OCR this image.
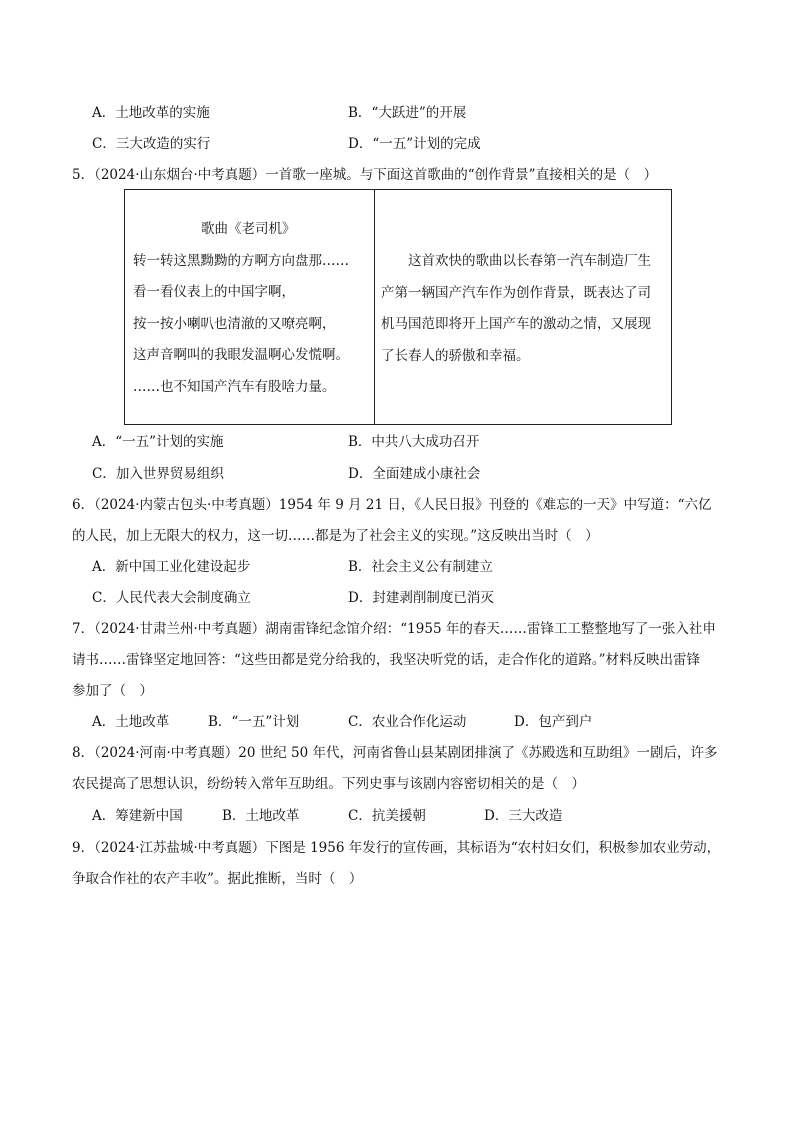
A．土地改革的实施	B．“大跃进”的开展
C．三大改造的实行	D．“一五”计划的完成
5．（2024·山东烟台·中考真题）一首歌一座城。与下面这首歌曲的“创作背景”直接相关的是（　）
歌曲《老司机》
转一转这黑黝黝的方啊方向盘那……
看一看仪表上的中国字啊，
按一按小喇叭也清澈的又嘹亮啊，
这声音啊叫的我眼发温啊心发慌啊。
……也不知国产汽车有股啥力量。
这首欢快的歌曲以长春第一汽车制造厂生产第一辆国产汽车作为创作背景，既表达了司机马国范即将开上国产车的激动之情，又展现了长春人的骄傲和幸福。
A．“一五”计划的实施	B．中共八大成功召开
C．加入世界贸易组织	D．全面建成小康社会
6．（2024·内蒙古包头·中考真题）1954 年 9 月 21 日，《人民日报》刊登的《难忘的一天》中写道：“六亿
的人民，加上无限大的权力，这一切……都是为了社会主义的实现。”这反映出当时（　）
A．新中国工业化建设起步	B．社会主义公有制建立
C．人民代表大会制度确立	D．封建剥削制度已消灭
7．（2024·甘肃兰州·中考真题）湖南雷锋纪念馆介绍：“1955 年的春天……雷锋工工整整地写了一张入社申
请书……雷锋坚定地回答：“这些田都是党分给我的，我坚决听党的话，走合作化的道路。”材料反映出雷锋
参加了（　）
A．土地改革	B．“一五”计划	C．农业合作化运动	D．包产到户
8．（2024·河南·中考真题）20 世纪 50 年代，河南省鲁山县某剧团排演了《苏殿选和互助组》一剧后，许多
农民提高了思想认识，纷纷转入常年互助组。下列史事与该剧内容密切相关的是（　）
A．筹建新中国	B．土地改革	C．抗美援朝	D．三大改造
9．（2024·江苏盐城·中考真题）下图是 1956 年发行的宣传画，其标语为“农村妇女们，积极参加农业劳动，
争取合作社的农产丰收”。据此推断，当时（　）
